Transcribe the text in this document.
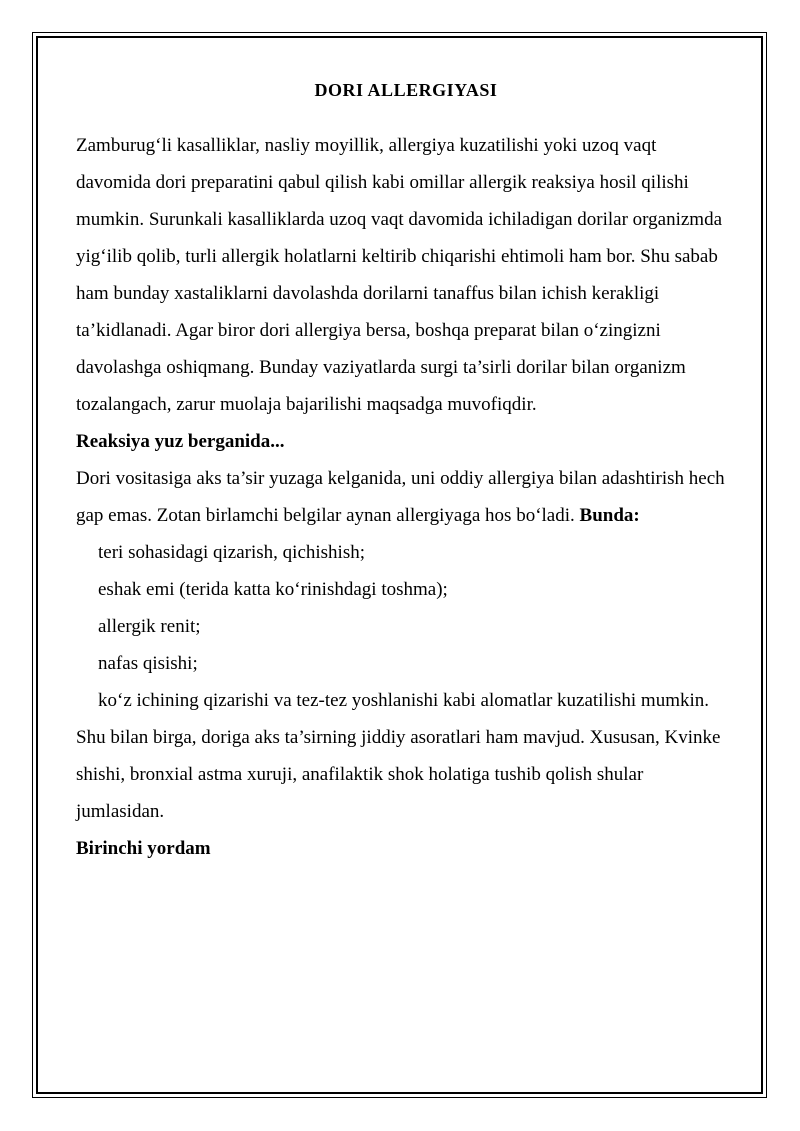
DORI ALLERGIYASI

Zamburug‘li kasalliklar, nasliy moyillik, allergiya kuzatilishi yoki uzoq vaqt davomida dori preparatini qabul qilish kabi omillar allergik reaksiya hosil qilishi mumkin. Surunkali kasalliklarda uzoq vaqt davomida ichiladigan dorilar organizmda yig‘ilib qolib, turli allergik holatlarni keltirib chiqarishi ehtimoli ham bor. Shu sabab ham bunday xastaliklarni davolashda dorilarni tanaffus bilan ichish kerakligi ta’kidlanadi. Agar biror dori allergiya bersa, boshqa preparat bilan o‘zingizni davolashga oshiqmang. Bunday vaziyatlarda surgi ta’sirli dorilar bilan organizm tozalangach, zarur muolaja bajarilishi maqsadga muvofiqdir.

Reaksiya yuz berganida...

Dori vositasiga aks ta’sir yuzaga kelganida, uni oddiy allergiya bilan adashtirish hech gap emas. Zotan birlamchi belgilar aynan allergiyaga hos bo‘ladi. Bunda:

teri sohasidagi qizarish, qichishish;

eshak emi (terida katta ko‘rinishdagi toshma);

allergik renit;

nafas qisishi;

ko‘z ichining qizarishi va tez-tez yoshlanishi kabi alomatlar kuzatilishi mumkin.

Shu bilan birga, doriga aks ta’sirning jiddiy asoratlari ham mavjud. Xususan, Kvinke shishi, bronxial astma xuruji, anafilaktik shok holatiga tushib qolish shular jumlasidan.

Birinchi yordam
